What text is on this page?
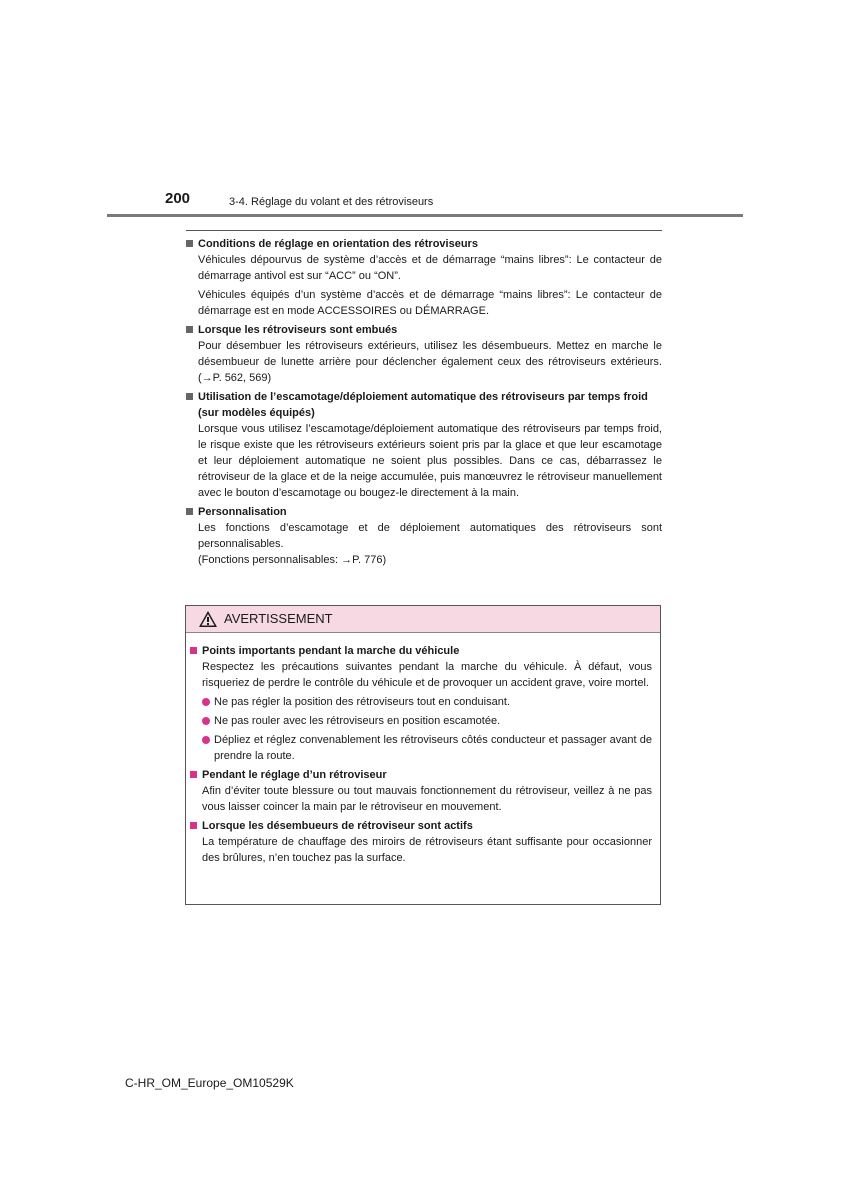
200	3-4. Réglage du volant et des rétroviseurs

Conditions de réglage en orientation des rétroviseurs

Véhicules dépourvus de système d’accès et de démarrage “mains libres”: Le contacteur de démarrage antivol est sur “ACC” ou “ON”.

Véhicules équipés d’un système d’accès et de démarrage “mains libres”: Le contacteur de démarrage est en mode ACCESSOIRES ou DÉMARRAGE.

Lorsque les rétroviseurs sont embués

Pour désembuer les rétroviseurs extérieurs, utilisez les désembueurs. Mettez en marche le désembueur de lunette arrière pour déclencher également ceux des rétroviseurs extérieurs. (→P. 562, 569)

Utilisation de l’escamotage/déploiement automatique des rétroviseurs par temps froid (sur modèles équipés)

Lorsque vous utilisez l’escamotage/déploiement automatique des rétroviseurs par temps froid, le risque existe que les rétroviseurs extérieurs soient pris par la glace et que leur escamotage et leur déploiement automatique ne soient plus possibles. Dans ce cas, débarrassez le rétroviseur de la glace et de la neige accumulée, puis manœuvrez le rétroviseur manuellement avec le bouton d’escamotage ou bougez-le directement à la main.

Personnalisation

Les fonctions d’escamotage et de déploiement automatiques des rétroviseurs sont personnalisables.

(Fonctions personnalisables: →P. 776)

AVERTISSEMENT

Points importants pendant la marche du véhicule

Respectez les précautions suivantes pendant la marche du véhicule. À défaut, vous risqueriez de perdre le contrôle du véhicule et de provoquer un accident grave, voire mortel.

Ne pas régler la position des rétroviseurs tout en conduisant.
Ne pas rouler avec les rétroviseurs en position escamotée.
Dépliez et réglez convenablement les rétroviseurs côtés conducteur et passager avant de prendre la route.

Pendant le réglage d’un rétroviseur

Afin d’éviter toute blessure ou tout mauvais fonctionnement du rétroviseur, veillez à ne pas vous laisser coincer la main par le rétroviseur en mouvement.

Lorsque les désembueurs de rétroviseur sont actifs

La température de chauffage des miroirs de rétroviseurs étant suffisante pour occasionner des brûlures, n’en touchez pas la surface.

C-HR_OM_Europe_OM10529K
